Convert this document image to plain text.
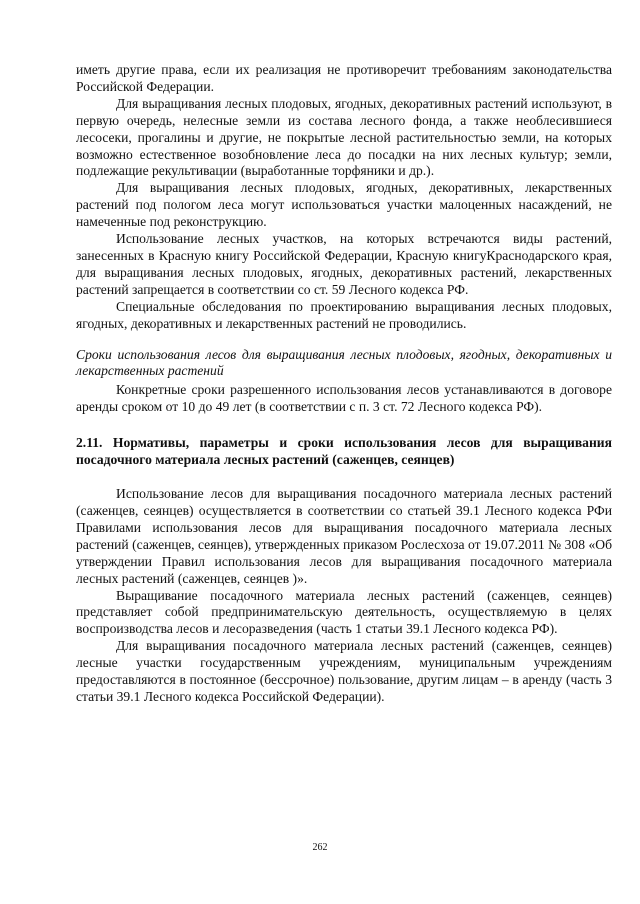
иметь другие права, если их реализация не противоречит требованиям законодательства Российской Федерации.

Для выращивания лесных плодовых, ягодных, декоративных растений используют, в первую очередь, нелесные земли из состава лесного фонда, а также необлесившиеся лесосеки, прогалины и другие, не покрытые лесной растительностью земли, на которых возможно естественное возобновление леса до посадки на них лесных культур; земли, подлежащие рекультивации (выработанные торфяники и др.).

Для выращивания лесных плодовых, ягодных, декоративных, лекарственных растений под пологом леса могут использоваться участки малоценных насаждений, не намеченные под реконструкцию.

Использование лесных участков, на которых встречаются виды растений, занесенных в Красную книгу Российской Федерации, Красную книгуКраснодарского края, для выращивания лесных плодовых, ягодных, декоративных растений, лекарственных растений запрещается в соответствии со ст. 59 Лесного кодекса РФ.

Специальные обследования по проектированию выращивания лесных плодовых, ягодных, декоративных и лекарственных растений не проводились.

Сроки использования лесов для выращивания лесных плодовых, ягодных, декоративных и лекарственных растений

Конкретные сроки разрешенного использования лесов устанавливаются в договоре аренды сроком от 10 до 49 лет (в соответствии с п. 3 ст. 72 Лесного кодекса РФ).

2.11. Нормативы, параметры и сроки использования лесов для выращивания посадочного материала лесных растений (саженцев, сеянцев)

Использование лесов для выращивания посадочного материала лесных растений (саженцев, сеянцев) осуществляется в соответствии со статьей 39.1 Лесного кодекса РФи Правилами использования лесов для выращивания посадочного материала лесных растений (саженцев, сеянцев), утвержденных приказом Рослесхоза от 19.07.2011 № 308 «Об утверждении Правил использования лесов для выращивания посадочного материала лесных растений (саженцев, сеянцев )».

Выращивание посадочного материала лесных растений (саженцев, сеянцев) представляет собой предпринимательскую деятельность, осуществляемую в целях воспроизводства лесов и лесоразведения (часть 1 статьи 39.1 Лесного кодекса РФ).

Для выращивания посадочного материала лесных растений (саженцев, сеянцев) лесные участки государственным учреждениям, муниципальным учреждениям предоставляются в постоянное (бессрочное) пользование, другим лицам – в аренду (часть 3 статьи 39.1 Лесного кодекса Российской Федерации).

262
